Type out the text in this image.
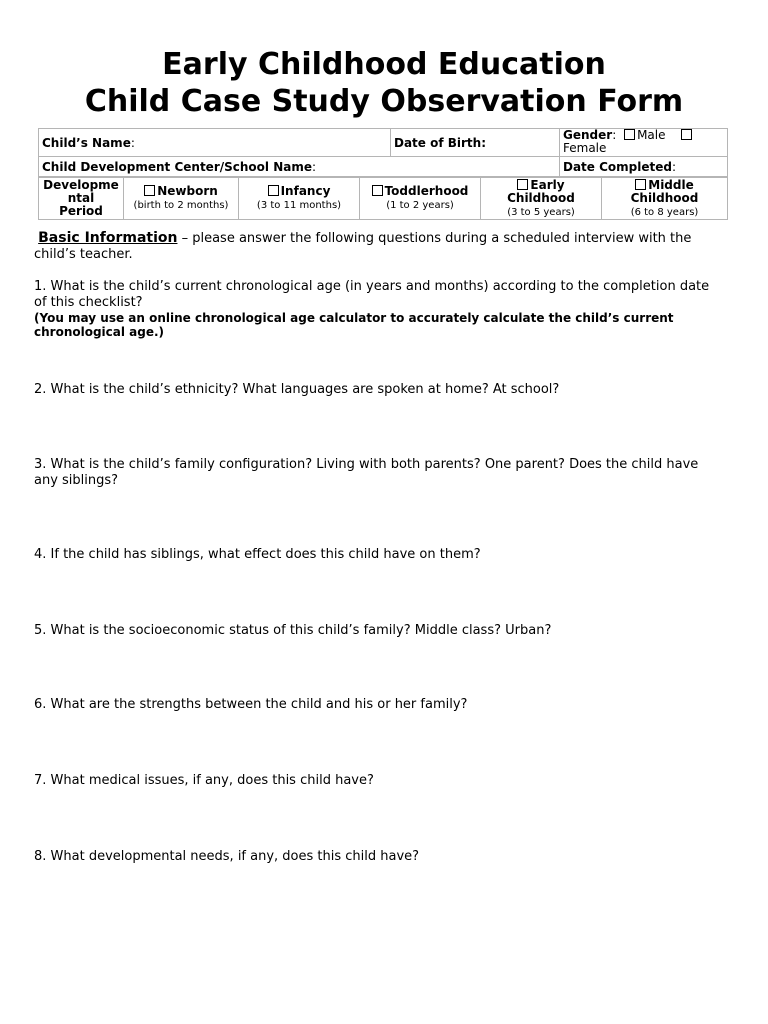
Early Childhood Education
Child Case Study Observation Form
Child’s Name:	Date of Birth:	Gender: Male
Female
Child Development Center/School Name:		Date Completed:
Developme
ntal
Period	Newborn
(birth to 2 months)	Infancy
(3 to 11 months)	Toddlerhood
(1 to 2 years)	Early
Childhood
(3 to 5 years)	Middle
Childhood
(6 to 8 years)
Basic Information – please answer the following questions during a scheduled interview with the child’s teacher.
1. What is the child’s current chronological age (in years and months) according to the completion date of this checklist?
(You may use an online chronological age calculator to accurately calculate the child’s current chronological age.)
2. What is the child’s ethnicity? What languages are spoken at home? At school?
3. What is the child’s family configuration? Living with both parents? One parent? Does the child have any siblings?
4. If the child has siblings, what effect does this child have on them?
5. What is the socioeconomic status of this child’s family? Middle class? Urban?
6. What are the strengths between the child and his or her family?
7. What medical issues, if any, does this child have?
8. What developmental needs, if any, does this child have?
